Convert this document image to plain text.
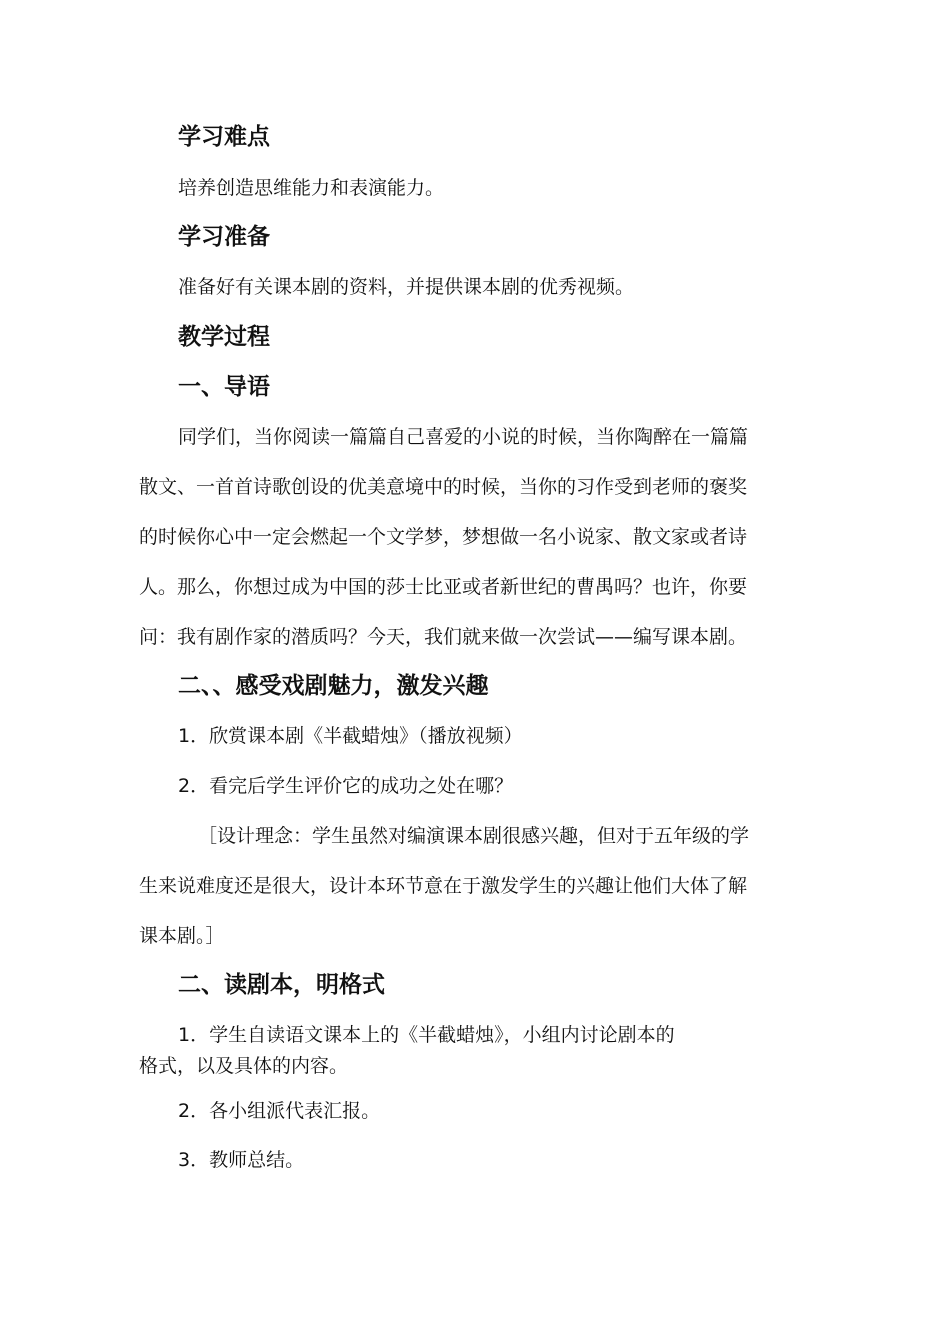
学习难点

培养创造思维能力和表演能力。

学习准备

准备好有关课本剧的资料，并提供课本剧的优秀视频。

教学过程
一、导语

同学们，当你阅读一篇篇自己喜爱的小说的时候，当你陶醉在一篇篇

散文、一首首诗歌创设的优美意境中的时候，当你的习作受到老师的褒奖

的时候你心中一定会燃起一个文学梦，梦想做一名小说家、散文家或者诗

人。那么，你想过成为中国的莎士比亚或者新世纪的曹禺吗？也许，你要

问：我有剧作家的潜质吗？今天，我们就来做一次尝试——编写课本剧。

二、、感受戏剧魅力，激发兴趣

1．欣赏课本剧《半截蜡烛》（播放视频）

2．看完后学生评价它的成功之处在哪？

［设计理念：学生虽然对编演课本剧很感兴趣，但对于五年级的学

生来说难度还是很大，设计本环节意在于激发学生的兴趣让他们大体了解

课本剧。］

二、读剧本，明格式

1．学生自读语文课本上的《半截蜡烛》，小组内讨论剧本的

格式，以及具体的内容。

2．各小组派代表汇报。

3．教师总结。
